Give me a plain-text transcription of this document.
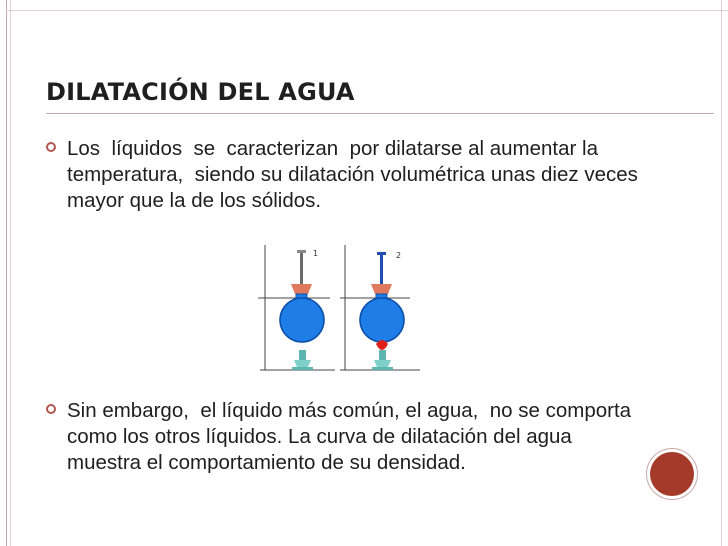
DILATACIÓN DEL AGUA
Los  líquidos  se  caracterizan  por dilatarse al aumentar la temperatura,  siendo su dilatación volumétrica unas diez veces mayor que la de los sólidos.
1	2
Sin embargo,  el líquido más común, el agua,  no se comporta como los otros líquidos. La curva de dilatación del agua muestra el comportamiento de su densidad.
